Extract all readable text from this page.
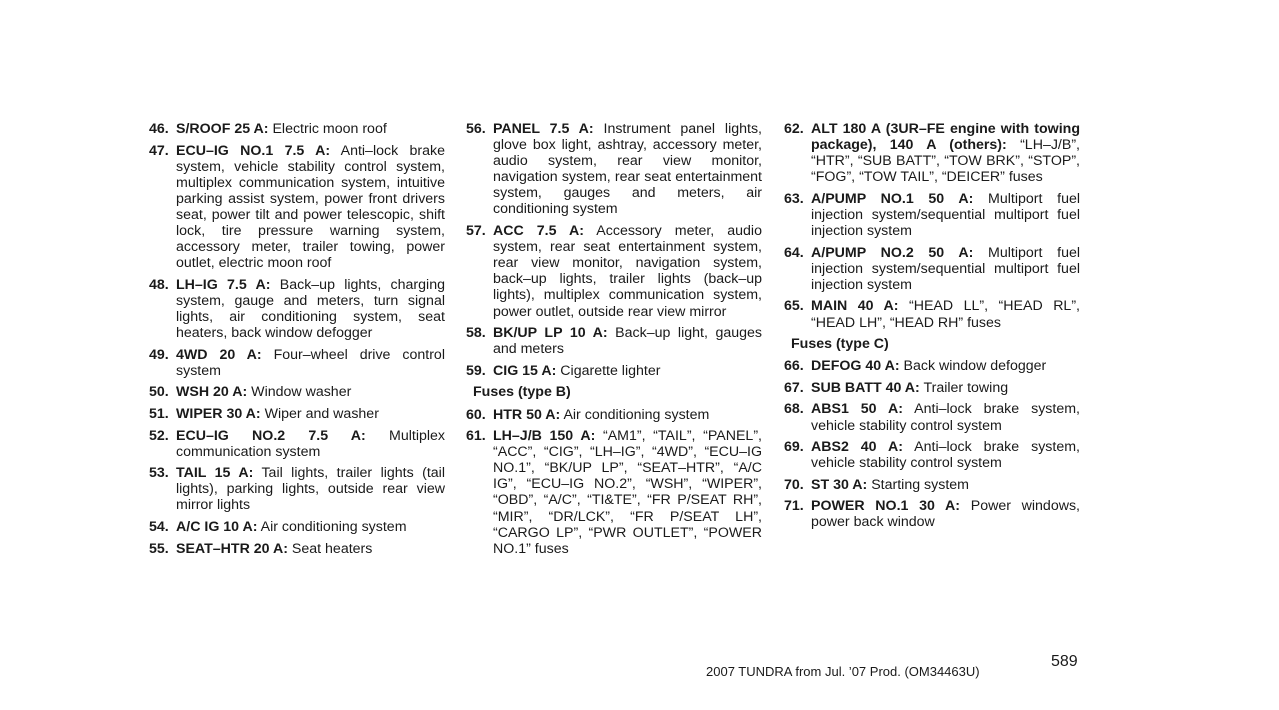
46. S/ROOF 25 A: Electric moon roof
47. ECU–IG NO.1 7.5 A: Anti–lock brake system, vehicle stability control system, multiplex communication system, intuitive parking assist system, power front drivers seat, power tilt and power telescopic, shift lock, tire pressure warning system, accessory meter, trailer towing, power outlet, electric moon roof
48. LH–IG 7.5 A: Back–up lights, charging system, gauge and meters, turn signal lights, air conditioning system, seat heaters, back window defogger
49. 4WD 20 A: Four–wheel drive control system
50. WSH 20 A: Window washer
51. WIPER 30 A: Wiper and washer
52. ECU–IG NO.2 7.5 A: Multiplex communication system
53. TAIL 15 A: Tail lights, trailer lights (tail lights), parking lights, outside rear view mirror lights
54. A/C IG 10 A: Air conditioning system
55. SEAT–HTR 20 A: Seat heaters
56. PANEL 7.5 A: Instrument panel lights, glove box light, ashtray, accessory meter, audio system, rear view monitor, navigation system, rear seat entertainment system, gauges and meters, air conditioning system
57. ACC 7.5 A: Accessory meter, audio system, rear seat entertainment system, rear view monitor, navigation system, back–up lights, trailer lights (back–up lights), multiplex communication system, power outlet, outside rear view mirror
58. BK/UP LP 10 A: Back–up light, gauges and meters
59. CIG 15 A: Cigarette lighter
Fuses (type B)
60. HTR 50 A: Air conditioning system
61. LH–J/B 150 A: “AM1”, “TAIL”, “PANEL”, “ACC”, “CIG”, “LH–IG”, “4WD”, “ECU–IG NO.1”, “BK/UP LP”, “SEAT–HTR”, “A/C IG”, “ECU–IG NO.2”, “WSH”, “WIPER”, “OBD”, “A/C”, “TI&TE”, “FR P/SEAT RH”, “MIR”, “DR/LCK”, “FR P/SEAT LH”, “CARGO LP”, “PWR OUTLET”, “POWER NO.1” fuses
62. ALT 180 A (3UR–FE engine with towing package), 140 A (others): “LH–J/B”, “HTR”, “SUB BATT”, “TOW BRK”, “STOP”, “FOG”, “TOW TAIL”, “DEICER” fuses
63. A/PUMP NO.1 50 A: Multiport fuel injection system/sequential multiport fuel injection system
64. A/PUMP NO.2 50 A: Multiport fuel injection system/sequential multiport fuel injection system
65. MAIN 40 A: “HEAD LL”, “HEAD RL”, “HEAD LH”, “HEAD RH” fuses
Fuses (type C)
66. DEFOG 40 A: Back window defogger
67. SUB BATT 40 A: Trailer towing
68. ABS1 50 A: Anti–lock brake system, vehicle stability control system
69. ABS2 40 A: Anti–lock brake system, vehicle stability control system
70. ST 30 A: Starting system
71. POWER NO.1 30 A: Power windows, power back window
2007 TUNDRA from Jul. ’07 Prod. (OM34463U)
589
